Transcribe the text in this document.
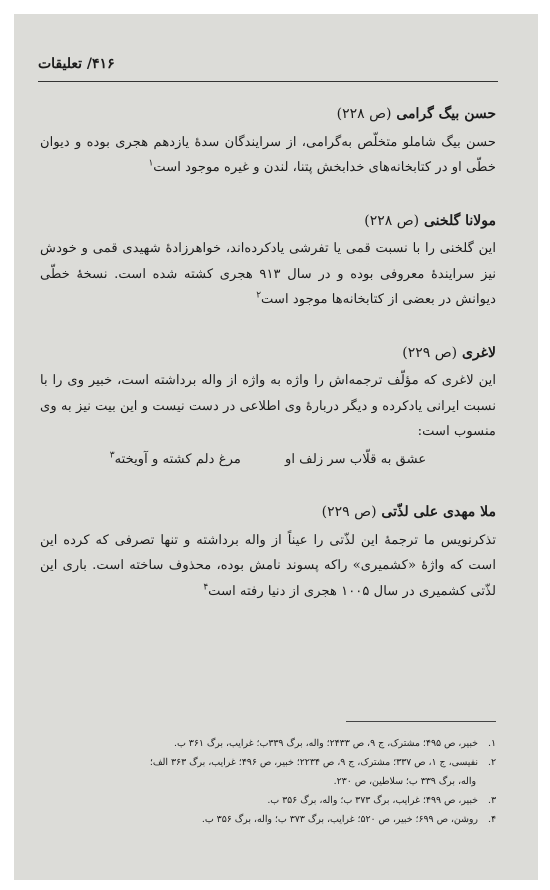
۴۱۶/ تعلیقات
حسن بیگ گرامی (ص ۲۲۸)
حسن بیگ شاملو متخلّص به‌گرامی، از سرایندگان سدهٔ یازدهم هجری بوده و دیوان خطّی او در کتابخانه‌های خدابخش پتنا، لندن و غیره موجود است$^۱$
مولانا گلخنی (ص ۲۲۸)
این گلخنی را با نسبت قمی یا تفرشی یادکرده‌اند، خواهرزادهٔ شهیدی قمی و خودش نیز سرایندهٔ معروفی بوده و در سال ۹۱۳ هجری کشته شده است. نسخهٔ خطّی دیوانش در بعضی از کتابخانه‌ها موجود است$^۲$
لاغری (ص ۲۲۹)
این لاغری که مؤلّف ترجمه‌اش را واژه به واژه از واله برداشته است، خبیر وی را با نسبت ایرانی یادکرده و دیگر دربارهٔ وی اطلاعی در دست نیست و این بیت نیز به وی منسوب است:
عشق به قلّاب سر زلف او
مرغ دلم کشته و آویخته$^۳$
ملا مهدی علی لذّتی (ص ۲۲۹)
تذکرنویس ما ترجمهٔ این لذّتی را عیناً از واله برداشته و تنها تصرفی که کرده این است که واژهٔ «کشمیری» راکه پسوند نامش بوده، محذوف ساخته است. باری این لذّتی کشمیری در سال ۱۰۰۵ هجری از دنیا رفته است$^۴$
۱.خبیر، ص ۴۹۵؛ مشترک، ج ۹، ص ۲۴۳۳؛ واله، برگ ۳۳۹ب؛ غرایب، برگ ۳۶۱ ب.
۲.نفیسی، ج ۱، ص ۳۳۷؛ مشترک، ج ۹، ص ۲۲۳۴؛ خبیر، ص ۴۹۶؛ غرایب، برگ ۳۶۳ الف؛
واله، برگ ۳۳۹ ب؛ سلاطین، ص ۲۳۰.
۳.خبیر، ص ۴۹۹؛ غرایب، برگ ۳۷۳ ب؛ واله، برگ ۳۵۶ ب.
۴.روشن، ص ۶۹۹؛ خبیر، ص ۵۲۰؛ غرایب، برگ ۳۷۳ ب؛ واله، برگ ۳۵۶ ب.
